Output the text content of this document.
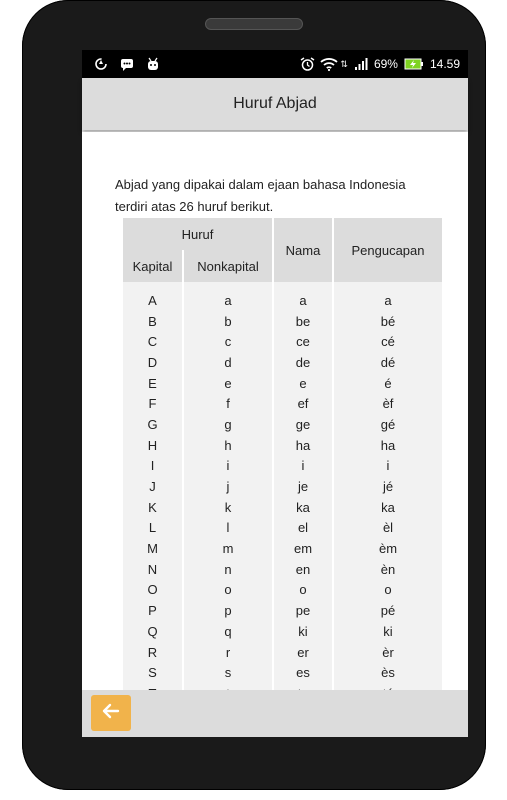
⇅ 69%	14.59
Huruf Abjad
Abjad yang dipakai dalam ejaan bahasa Indonesia terdiri atas 26 huruf berikut.
Huruf		Nama	Pengucapan
Kapital	Nonkapital		
A	a	a	a
B	b	be	bé
C	c	ce	cé
D	d	de	dé
E	e	e	é
F	f	ef	èf
G	g	ge	gé
H	h	ha	ha
I	i	i	i
J	j	je	jé
K	k	ka	ka
L	l	el	èl
M	m	em	èm
N	n	en	èn
O	o	o	o
P	p	pe	pé
Q	q	ki	ki
R	r	er	èr
S	s	es	ès
